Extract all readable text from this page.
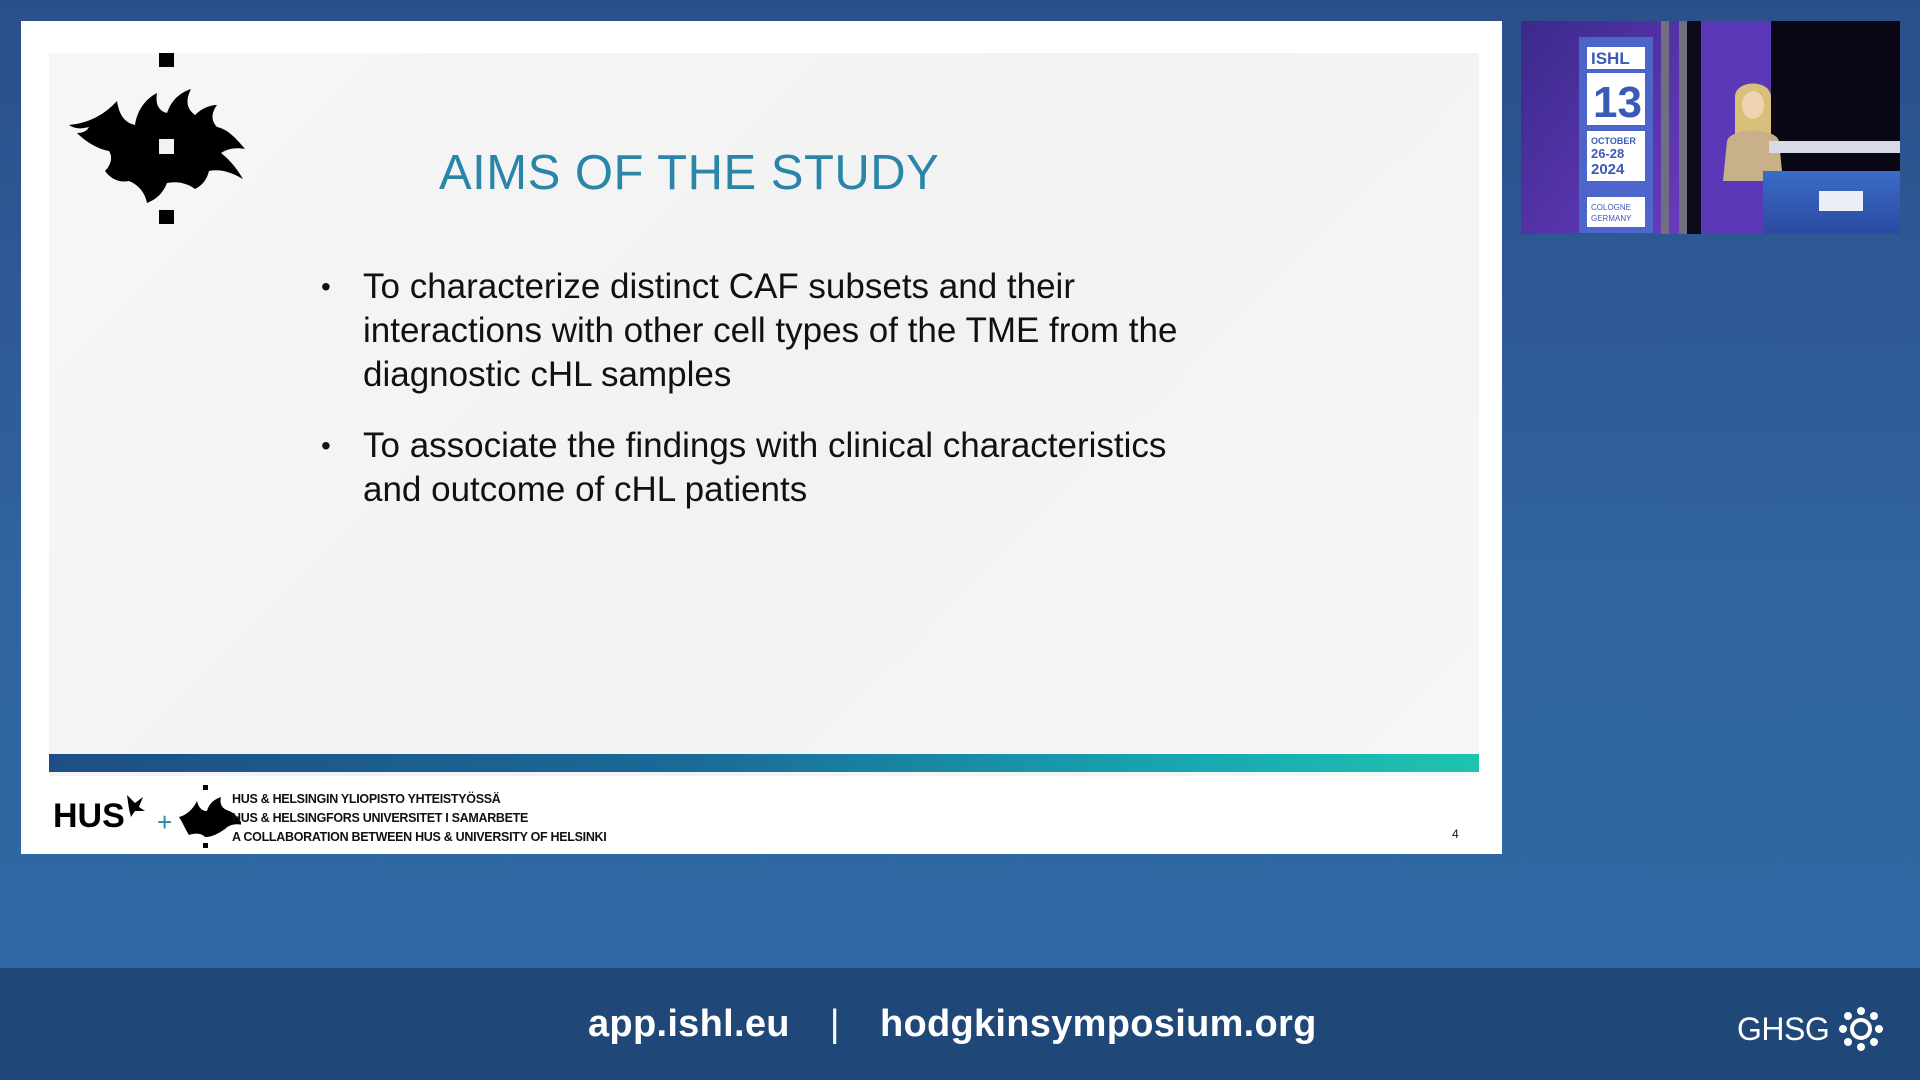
AIMS OF THE STUDY
• To characterize distinct CAF subsets and their interactions with other cell types of the TME from the diagnostic cHL samples
• To associate the findings with clinical characteristics and outcome of cHL patients
HUS +
HUS & HELSINGIN YLIOPISTO YHTEISTYÖSSÄ
HUS & HELSINGFORS UNIVERSITET I SAMARBETE
A COLLABORATION BETWEEN HUS & UNIVERSITY OF HELSINKI	4
ISHL
13
OCTOBER
26-28
2024
COLOGNE
GERMANY
app.ishl.eu | hodgkinsymposium.org	GHSG
